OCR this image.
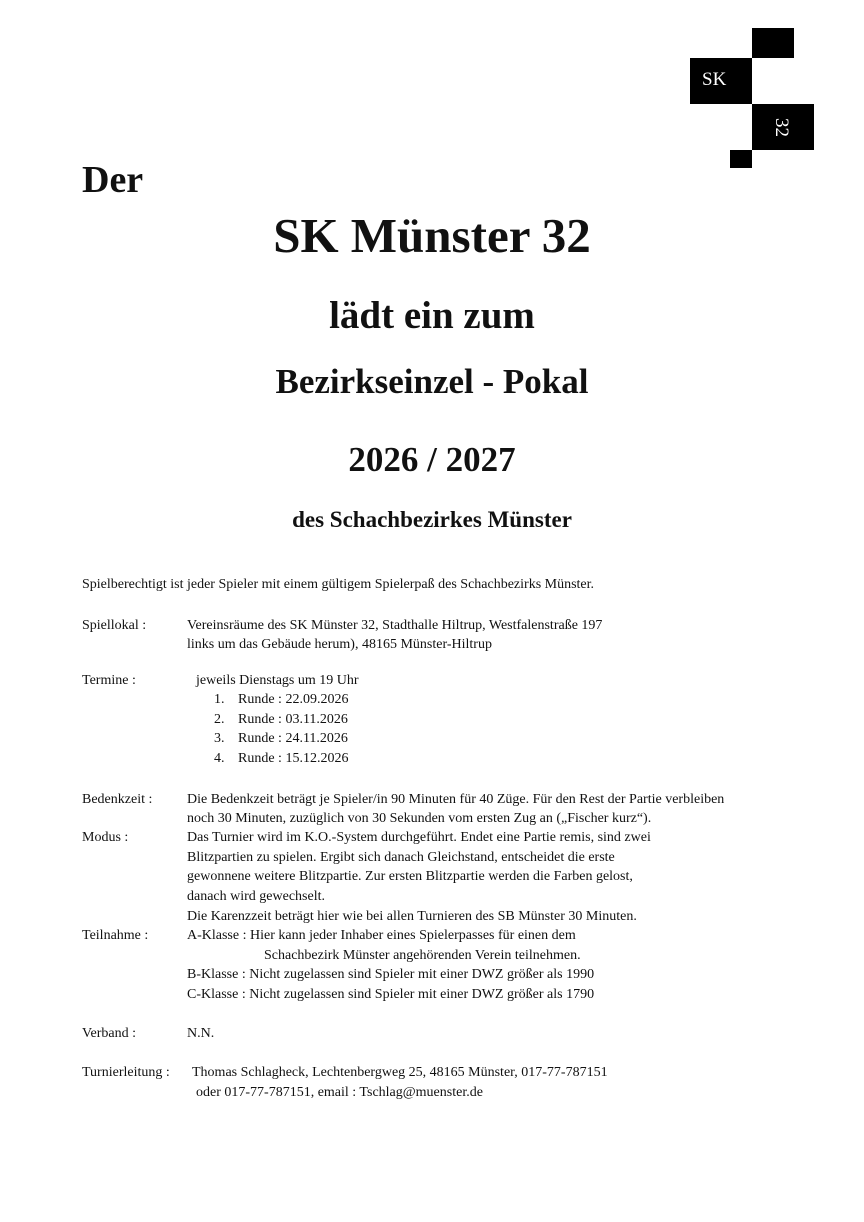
SK
32
Der
SK Münster 32
lädt ein zum
Bezirkseinzel - Pokal
2026 / 2027
des Schachbezirkes Münster
Spielberechtigt ist jeder Spieler mit einem gültigem Spielerpaß des Schachbezirks Münster.
Spiellokal :	Vereinsräume des SK Münster 32, Stadthalle Hiltrup, Westfalenstraße 197
links um das Gebäude herum), 48165 Münster-Hiltrup
Termine :	jeweils Dienstags um 19 Uhr
1. Runde : 22.09.2026
2. Runde : 03.11.2026
3. Runde : 24.11.2026
4. Runde : 15.12.2026
Bedenkzeit : Die Bedenkzeit beträgt je Spieler/in 90 Minuten für 40 Züge. Für den Rest der Partie verbleiben
noch 30 Minuten, zuzüglich von 30 Sekunden vom ersten Zug an („Fischer kurz“).
Modus :	Das Turnier wird im K.O.-System durchgeführt. Endet eine Partie remis, sind zwei
Blitzpartien zu spielen. Ergibt sich danach Gleichstand, entscheidet die erste
gewonnene weitere Blitzpartie. Zur ersten Blitzpartie werden die Farben gelost,
danach wird gewechselt.
Die Karenzzeit beträgt hier wie bei allen Turnieren des SB Münster 30 Minuten.
Teilnahme :	A-Klasse : Hier kann jeder Inhaber eines Spielerpasses für einen dem
Schachbezirk Münster angehörenden Verein teilnehmen.
B-Klasse : Nicht zugelassen sind Spieler mit einer DWZ größer als 1990
C-Klasse : Nicht zugelassen sind Spieler mit einer DWZ größer als 1790
Verband :	N.N.
Turnierleitung : Thomas Schlagheck, Lechtenbergweg 25, 48165 Münster, 017-77-787151
oder 017-77-787151, email : Tschlag@muenster.de
